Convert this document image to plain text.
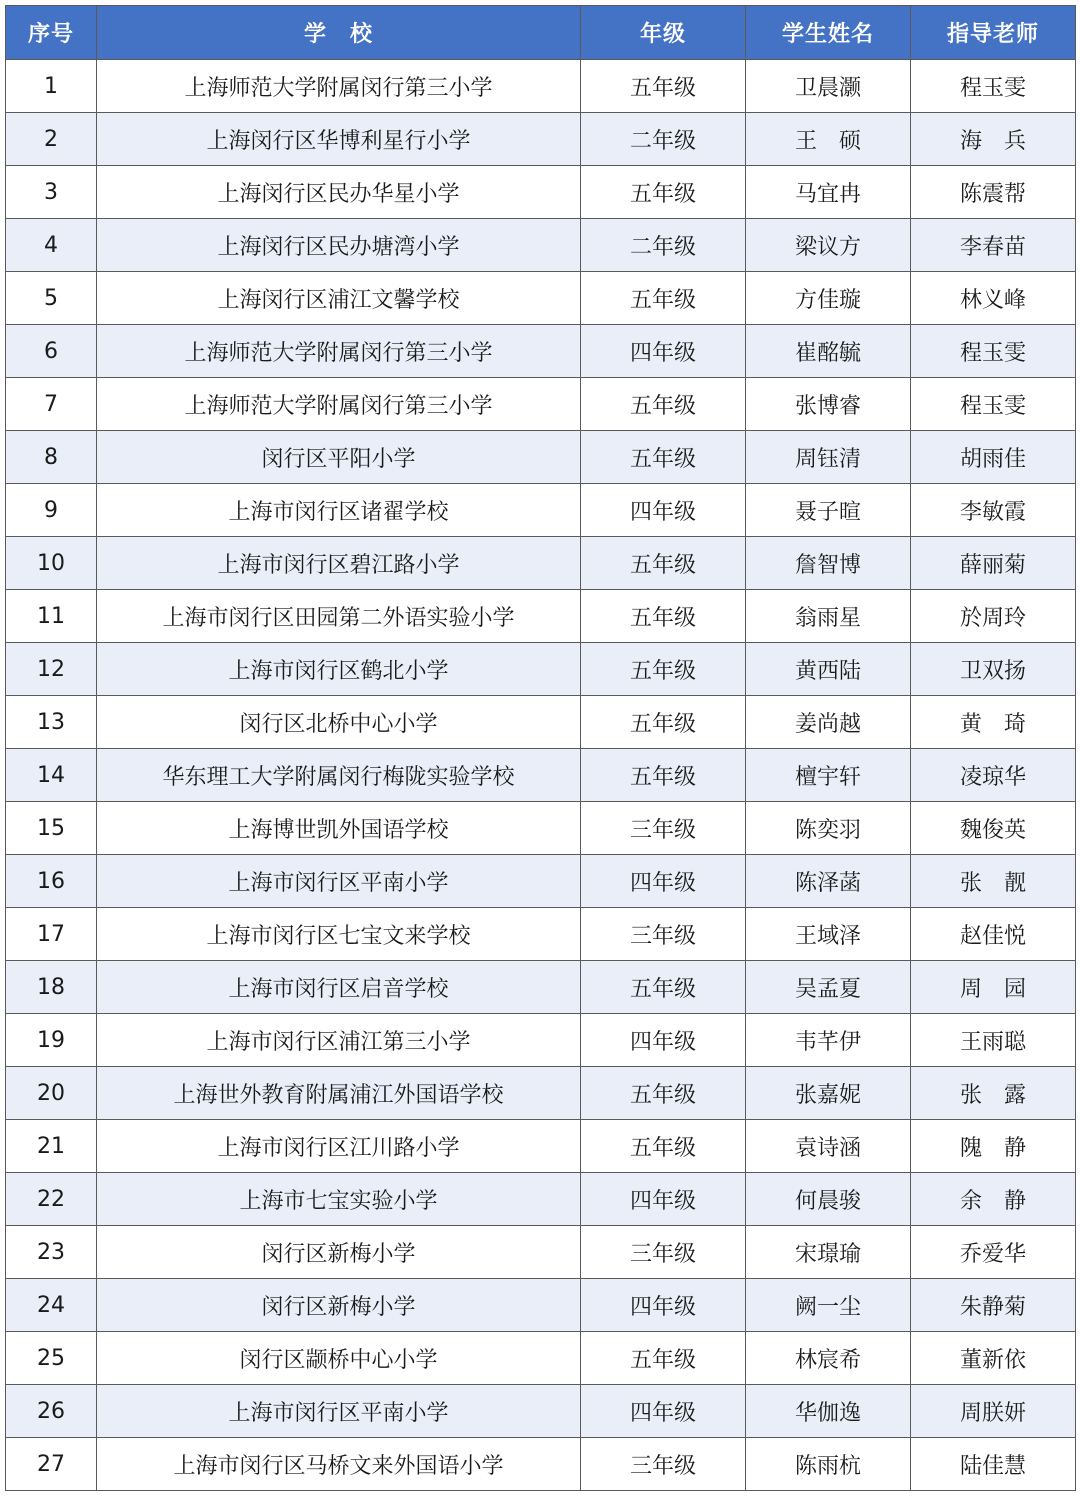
序号	学　校	年级	学生姓名	指导老师
1	上海师范大学附属闵行第三小学	五年级	卫晨灏	程玉雯
2	上海闵行区华博利星行小学	二年级	王　硕	海　兵
3	上海闵行区民办华星小学	五年级	马宜冉	陈震帮
4	上海闵行区民办塘湾小学	二年级	梁议方	李春苗
5	上海闵行区浦江文馨学校	五年级	方佳璇	林义峰
6	上海师范大学附属闵行第三小学	四年级	崔酩毓	程玉雯
7	上海师范大学附属闵行第三小学	五年级	张博睿	程玉雯
8	闵行区平阳小学	五年级	周钰清	胡雨佳
9	上海市闵行区诸翟学校	四年级	聂子暄	李敏霞
10	上海市闵行区碧江路小学	五年级	詹智博	薛丽菊
11	上海市闵行区田园第二外语实验小学	五年级	翁雨星	於周玲
12	上海市闵行区鹤北小学	五年级	黄西陆	卫双扬
13	闵行区北桥中心小学	五年级	姜尚越	黄　琦
14	华东理工大学附属闵行梅陇实验学校	五年级	檀宇轩	凌琼华
15	上海博世凯外国语学校	三年级	陈奕羽	魏俊英
16	上海市闵行区平南小学	四年级	陈泽菡	张　靓
17	上海市闵行区七宝文来学校	三年级	王域泽	赵佳悦
18	上海市闵行区启音学校	五年级	吴孟夏	周　园
19	上海市闵行区浦江第三小学	四年级	韦芊伊	王雨聪
20	上海世外教育附属浦江外国语学校	五年级	张嘉妮	张　露
21	上海市闵行区江川路小学	五年级	袁诗涵	隗　静
22	上海市七宝实验小学	四年级	何晨骏	余　静
23	闵行区新梅小学	三年级	宋璟瑜	乔爱华
24	闵行区新梅小学	四年级	阙一尘	朱静菊
25	闵行区颛桥中心小学	五年级	林宸希	董新依
26	上海市闵行区平南小学	四年级	华伽逸	周朕妍
27	上海市闵行区马桥文来外国语小学	三年级	陈雨杭	陆佳慧
